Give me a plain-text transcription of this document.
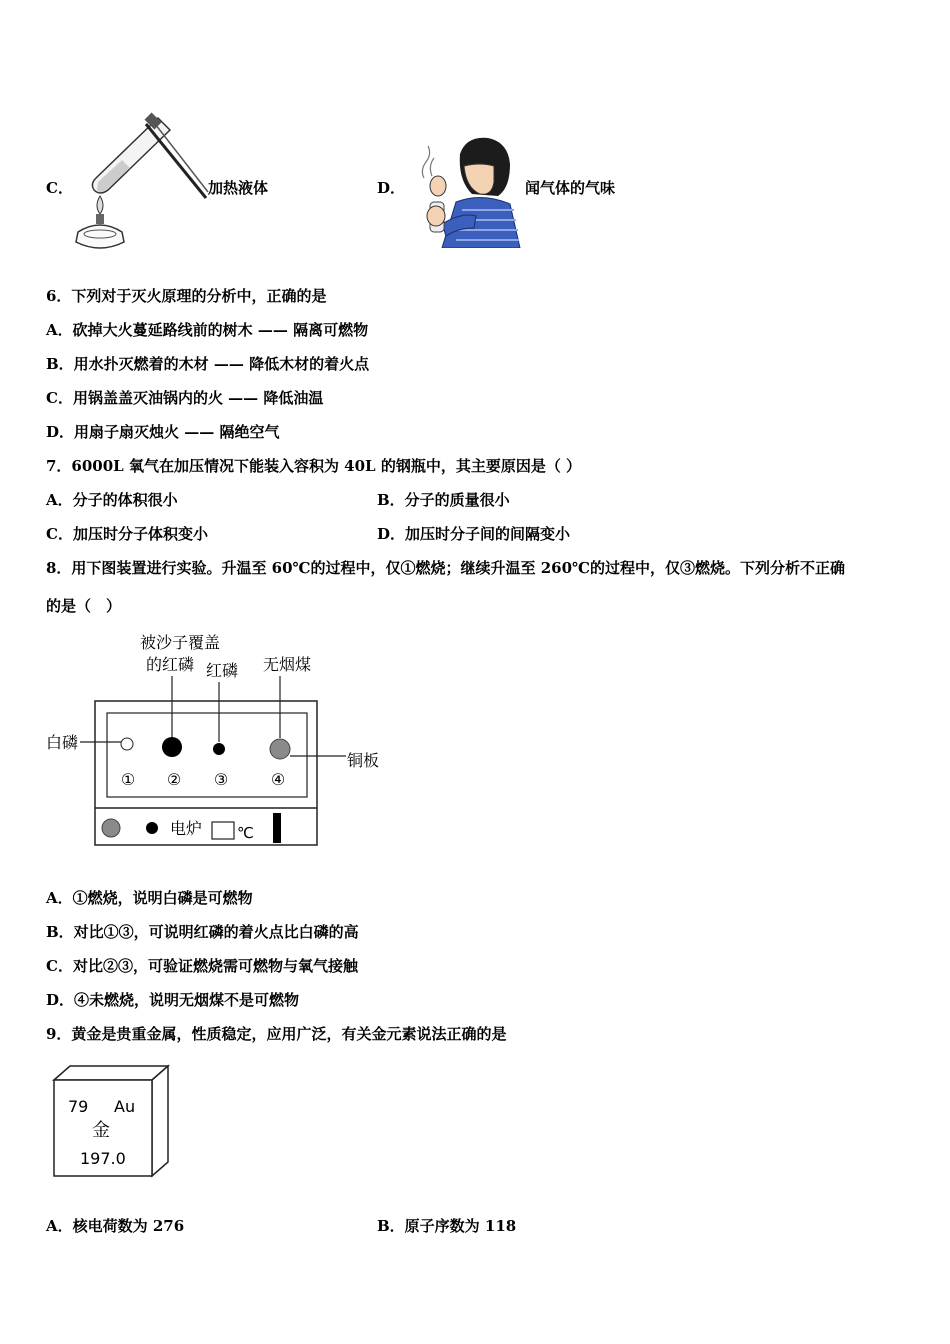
C．	加热液体	D．	闻气体的气味
6．下列对于灭火原理的分析中，正确的是
A．砍掉大火蔓延路线前的树木 —— 隔离可燃物
B．用水扑灭燃着的木材 —— 降低木材的着火点
C．用锅盖盖灭油锅内的火 —— 降低油温
D．用扇子扇灭烛火 —— 隔绝空气
7．6000L 氧气在加压情况下能装入容积为 40L 的钢瓶中，其主要原因是（ ）
A．分子的体积很小	B．分子的质量很小
C．加压时分子体积变小	D．加压时分子间的间隔变小
8．用下图装置进行实验。升温至 60℃的过程中，仅①燃烧；继续升温至 260℃的过程中，仅③燃烧。下列分析不正确
的是（　）
被沙子覆盖
的红磷 红磷 无烟煤
白磷
铜板
① ② ③	④
电炉 ℃
A．①燃烧，说明白磷是可燃物
B．对比①③，可说明红磷的着火点比白磷的高
C．对比②③，可验证燃烧需可燃物与氧气接触
D．④未燃烧，说明无烟煤不是可燃物
9．黄金是贵重金属，性质稳定，应用广泛，有关金元素说法正确的是
79 Au
金
197.0
A．核电荷数为 276	B．原子序数为 118
